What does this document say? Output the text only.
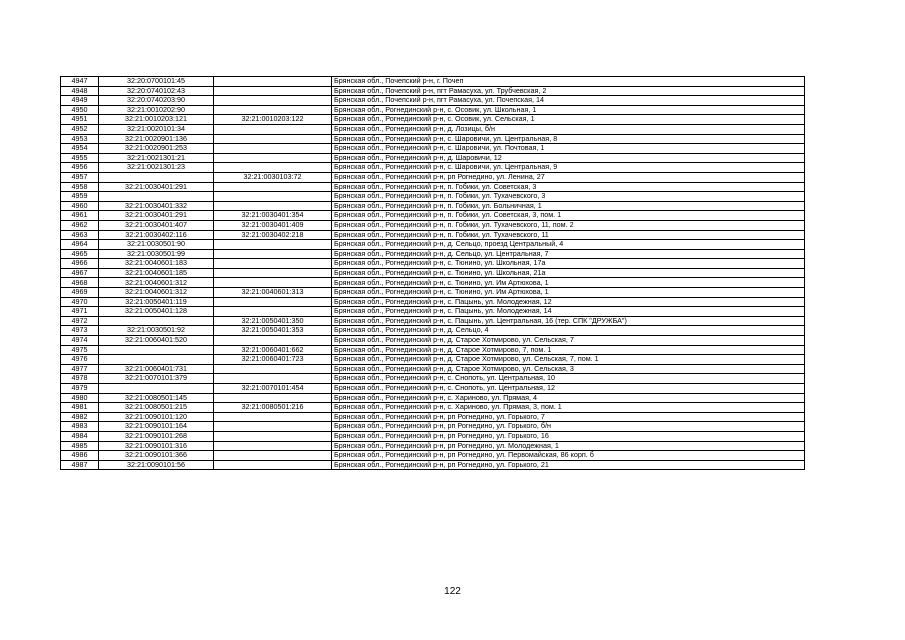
4947	32:20:0700101:45		Брянская обл., Почепский р-н, г. Почеп
4948	32:20:0740102:43		Брянская обл., Почепский р-н, пгт Рамасуха, ул. Трубчевская, 2
4949	32:20:0740203:90		Брянская обл., Почепский р-н, пгт Рамасуха, ул. Почепская, 14
4950	32:21:0010202:90		Брянская обл., Рогнединский р-н, с. Осовик, ул. Школьная, 1
4951	32:21:0010203:121	32:21:0010203:122	Брянская обл., Рогнединский р-н, с. Осовик, ул. Сельская, 1
4952	32:21:0020101:34		Брянская обл., Рогнединский р-н, д. Лозицы, б/н
4953	32:21:0020901:136		Брянская обл., Рогнединский р-н, с. Шаровичи, ул. Центральная, 8
4954	32:21:0020901:253		Брянская обл., Рогнединский р-н, с. Шаровичи, ул. Почтовая, 1
4955	32:21:0021301:21		Брянская обл., Рогнединский р-н, д. Шаровичи, 12
4956	32:21:0021301:23		Брянская обл., Рогнединский р-н, с. Шаровичи, ул. Центральная, 9
4957		32:21:0030103:72	Брянская обл., Рогнединский р-н, рп Рогнедино, ул. Ленина, 27
4958	32:21:0030401:291		Брянская обл., Рогнединский р-н, п. Гобики, ул. Советская, 3
4959			Брянская обл., Рогнединский р-н, п. Гобики, ул. Тухачевского, 3
4960	32:21:0030401:332		Брянская обл., Рогнединский р-н, п. Гобики, ул. Больничная, 1
4961	32:21:0030401:291	32:21:0030401:354	Брянская обл., Рогнединский р-н, п. Гобики, ул. Советская, 3, пом. 1
4962	32:21:0030401:407	32:21:0030401:409	Брянская обл., Рогнединский р-н, п. Гобики, ул. Тухачевского, 11, пом. 2
4963	32:21:0030402:116	32:21:0030402:218	Брянская обл., Рогнединский р-н, п. Гобики, ул. Тухачевского, 11
4964	32:21:0030501:90		Брянская обл., Рогнединский р-н, д. Сельцо, проезд Центральный, 4
4965	32:21:0030501:99		Брянская обл., Рогнединский р-н, д. Сельцо, ул. Центральная, 7
4966	32:21:0040601:183		Брянская обл., Рогнединский р-н, с. Тюнино, ул. Школьная, 17а
4967	32:21:0040601:185		Брянская обл., Рогнединский р-н, с. Тюнино, ул. Школьная, 21а
4968	32:21:0040601:312		Брянская обл., Рогнединский р-н, с. Тюнино, ул. Им Артюхова, 1
4969	32:21:0040601:312	32:21:0040601:313	Брянская обл., Рогнединский р-н, с. Тюнино, ул. Им Артюхова, 1
4970	32:21:0050401:119		Брянская обл., Рогнединский р-н, с. Пацынь, ул. Молодежная, 12
4971	32:21:0050401:128		Брянская обл., Рогнединский р-н, с. Пацынь, ул. Молодежная, 14
4972		32:21:0050401:350	Брянская обл., Рогнединский р-н, с. Пацынь, ул. Центральная, 16 (тер. СПК "ДРУЖБА")
4973	32:21:0030501:92	32:21:0050401:353	Брянская обл., Рогнединский р-н, д. Сельцо, 4
4974	32:21:0060401:520		Брянская обл., Рогнединский р-н, д. Старое Хотмирово, ул. Сельская, 7
4975		32:21:0060401:662	Брянская обл., Рогнединский р-н, д. Старое Хотмирово, 7, пом. 1
4976		32:21:0060401:723	Брянская обл., Рогнединский р-н, д. Старое Хотмирово, ул. Сельская, 7, пом. 1
4977	32:21:0060401:731		Брянская обл., Рогнединский р-н, д. Старое Хотмирово, ул. Сельская, 3
4978	32:21:0070101:379		Брянская обл., Рогнединский р-н, с. Снопоть, ул. Центральная, 10
4979		32:21:0070101:454	Брянская обл., Рогнединский р-н, с. Снопоть, ул. Центральная, 12
4980	32:21:0080501:145		Брянская обл., Рогнединский р-н, с. Хариново, ул. Прямая, 4
4981	32:21:0080501:215	32:21:0080501:216	Брянская обл., Рогнединский р-н, с. Хариново, ул. Прямая, 3, пом. 1
4982	32:21:0090101:120		Брянская обл., Рогнединский р-н, рп Рогнедино, ул. Горького, 7
4983	32:21:0090101:164		Брянская обл., Рогнединский р-н, рп Рогнедино, ул. Горького, б/н
4984	32:21:0090101:268		Брянская обл., Рогнединский р-н, рп Рогнедино, ул. Горького, 16
4985	32:21:0090101:316		Брянская обл., Рогнединский р-н, рп Рогнедино, ул. Молодежная, 1
4986	32:21:0090101:366		Брянская обл., Рогнединский р-н, рп Рогнедино, ул. Первомайская, 86 корп. б
4987	32:21:0090101:56		Брянская обл., Рогнединский р-н, рп Рогнедино, ул. Горького, 21
122
